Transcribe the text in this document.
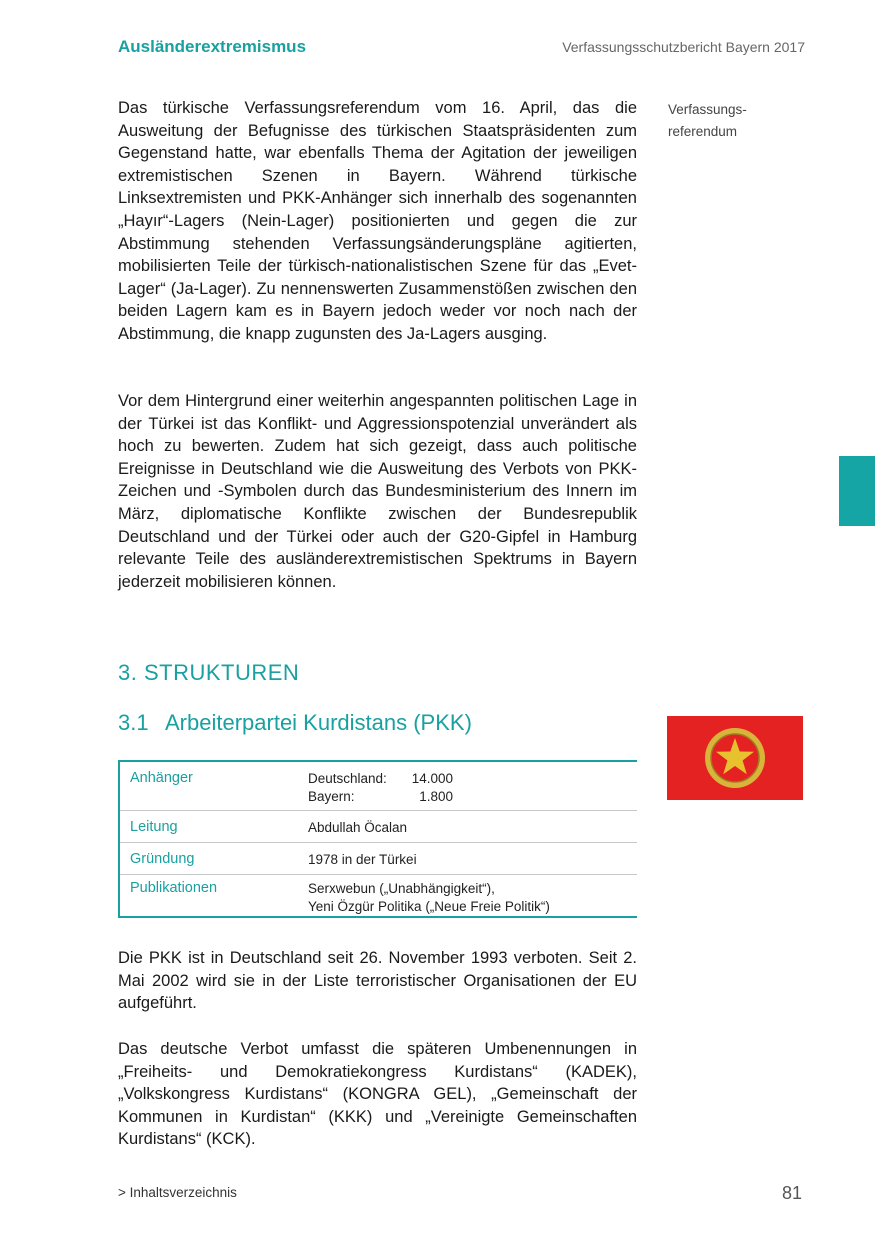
Ausländerextremismus	Verfassungsschutzbericht Bayern 2017
Verfassungs-
referendum

Das türkische Verfassungsreferendum vom 16. April, das die Ausweitung der Befugnisse des türkischen Staatspräsidenten zum Gegenstand hatte, war ebenfalls Thema der Agitation der jeweiligen extremistischen Szenen in Bayern. Während türkische Linksextremisten und PKK-Anhänger sich innerhalb des sogenannten „Hayır“-Lagers (Nein-Lager) positionierten und gegen die zur Abstimmung stehenden Verfassungsänderungspläne agitierten, mobilisierten Teile der türkisch-nationalistischen Szene für das „Evet-Lager“ (Ja-Lager). Zu nennenswerten Zusammenstößen zwischen den beiden Lagern kam es in Bayern jedoch weder vor noch nach der Abstimmung, die knapp zugunsten des Ja-Lagers ausging.

Vor dem Hintergrund einer weiterhin angespannten politischen Lage in der Türkei ist das Konflikt- und Aggressionspotenzial unverändert als hoch zu bewerten. Zudem hat sich gezeigt, dass auch politische Ereignisse in Deutschland wie die Ausweitung des Verbots von PKK-Zeichen und -Symbolen durch das Bundesministerium des Innern im März, diplomatische Konflikte zwischen der Bundesrepublik Deutschland und der Türkei oder auch der G20-Gipfel in Hamburg relevante Teile des ausländerextremistischen Spektrums in Bayern jederzeit mobilisieren können.

3. STRUKTUREN
3.1 Arbeiterpartei Kurdistans (PKK)
Anhänger	Deutschland: 14.000
Bayern:	1.800
Leitung	Abdullah Öcalan
Gründung	1978 in der Türkei
Publikationen	Serxwebun („Unabhängigkeit“),
Yeni Özgür Politika („Neue Freie Politik“)

Die PKK ist in Deutschland seit 26. November 1993 verboten. Seit 2. Mai 2002 wird sie in der Liste terroristischer Organisationen der EU aufgeführt.

Das deutsche Verbot umfasst die späteren Umbenennungen in „Freiheits- und Demokratiekongress Kurdistans“ (KADEK), „Volkskongress Kurdistans“ (KONGRA GEL), „Gemeinschaft der Kommunen in Kurdistan“ (KKK) und „Vereinigte Gemeinschaften Kurdistans“ (KCK).

> Inhaltsverzeichnis	81
